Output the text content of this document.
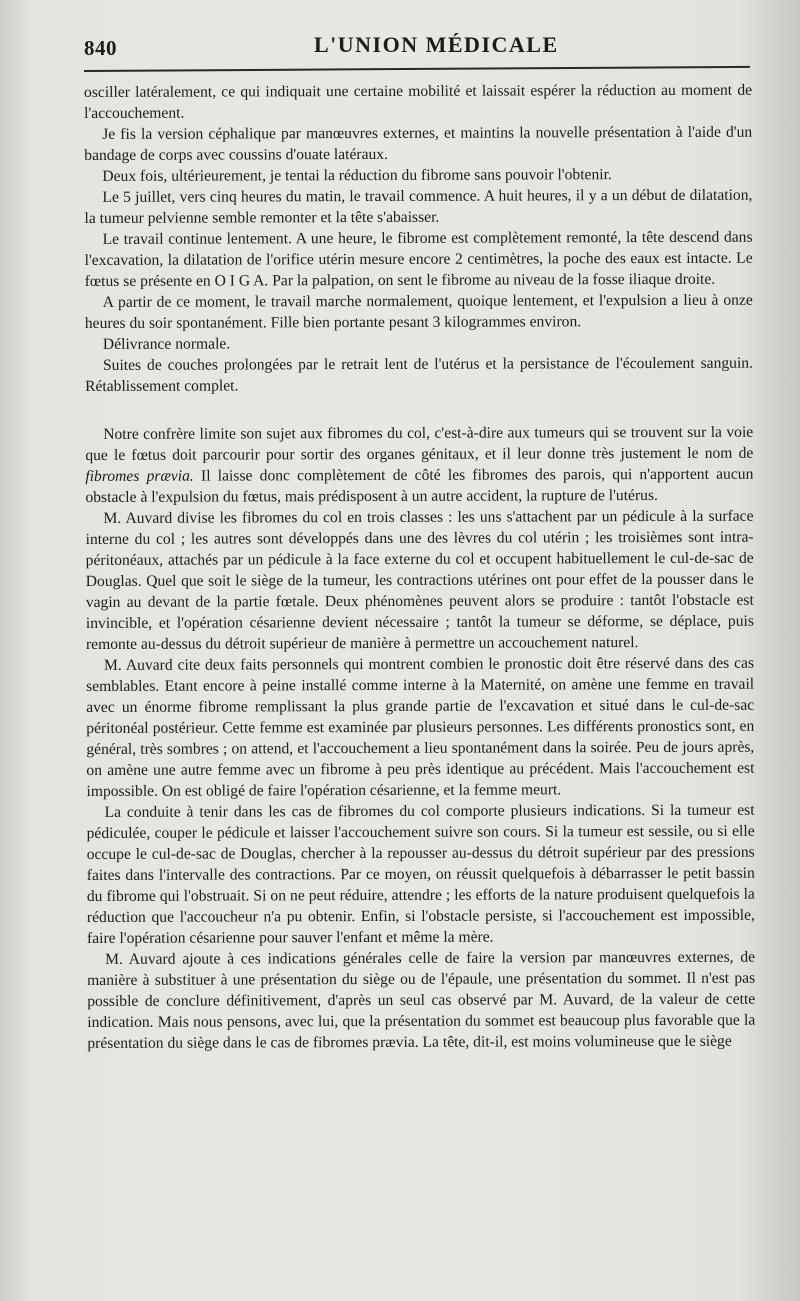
840	L'UNION MÉDICALE

osciller latéralement, ce qui indiquait une certaine mobilité et laissait espérer la réduction au moment de l'accouchement.

Je fis la version céphalique par manœuvres externes, et maintins la nouvelle présentation à l'aide d'un bandage de corps avec coussins d'ouate latéraux.

Deux fois, ultérieurement, je tentai la réduction du fibrome sans pouvoir l'obtenir.

Le 5 juillet, vers cinq heures du matin, le travail commence. A huit heures, il y a un début de dilatation, la tumeur pelvienne semble remonter et la tête s'abaisser.

Le travail continue lentement. A une heure, le fibrome est complètement remonté, la tête descend dans l'excavation, la dilatation de l'orifice utérin mesure encore 2 centimètres, la poche des eaux est intacte. Le fœtus se présente en O I G A. Par la palpation, on sent le fibrome au niveau de la fosse iliaque droite.

A partir de ce moment, le travail marche normalement, quoique lentement, et l'expulsion a lieu à onze heures du soir spontanément. Fille bien portante pesant 3 kilogrammes environ.

Délivrance normale.

Suites de couches prolongées par le retrait lent de l'utérus et la persistance de l'écoulement sanguin. Rétablissement complet.

Notre confrère limite son sujet aux fibromes du col, c'est-à-dire aux tumeurs qui se trouvent sur la voie que le fœtus doit parcourir pour sortir des organes génitaux, et il leur donne très justement le nom de fibromes prævia. Il laisse donc complètement de côté les fibromes des parois, qui n'apportent aucun obstacle à l'expulsion du fœtus, mais prédisposent à un autre accident, la rupture de l'utérus.

M. Auvard divise les fibromes du col en trois classes : les uns s'attachent par un pédicule à la surface interne du col ; les autres sont développés dans une des lèvres du col utérin ; les troisièmes sont intra-péritonéaux, attachés par un pédicule à la face externe du col et occupent habituellement le cul-de-sac de Douglas. Quel que soit le siège de la tumeur, les contractions utérines ont pour effet de la pousser dans le vagin au devant de la partie fœtale. Deux phénomènes peuvent alors se produire : tantôt l'obstacle est invincible, et l'opération césarienne devient nécessaire ; tantôt la tumeur se déforme, se déplace, puis remonte au-dessus du détroit supérieur de manière à permettre un accouchement naturel.

M. Auvard cite deux faits personnels qui montrent combien le pronostic doit être réservé dans des cas semblables. Etant encore à peine installé comme interne à la Maternité, on amène une femme en travail avec un énorme fibrome remplissant la plus grande partie de l'excavation et situé dans le cul-de-sac péritonéal postérieur. Cette femme est examinée par plusieurs personnes. Les différents pronostics sont, en général, très sombres ; on attend, et l'accouchement a lieu spontanément dans la soirée. Peu de jours après, on amène une autre femme avec un fibrome à peu près identique au précédent. Mais l'accouchement est impossible. On est obligé de faire l'opération césarienne, et la femme meurt.

La conduite à tenir dans les cas de fibromes du col comporte plusieurs indications. Si la tumeur est pédiculée, couper le pédicule et laisser l'accouchement suivre son cours. Si la tumeur est sessile, ou si elle occupe le cul-de-sac de Douglas, chercher à la repousser au-dessus du détroit supérieur par des pressions faites dans l'intervalle des contractions. Par ce moyen, on réussit quelquefois à débarrasser le petit bassin du fibrome qui l'obstruait. Si on ne peut réduire, attendre ; les efforts de la nature produisent quelquefois la réduction que l'accoucheur n'a pu obtenir. Enfin, si l'obstacle persiste, si l'accouchement est impossible, faire l'opération césarienne pour sauver l'enfant et même la mère.

M. Auvard ajoute à ces indications générales celle de faire la version par manœuvres externes, de manière à substituer à une présentation du siège ou de l'épaule, une présentation du sommet. Il n'est pas possible de conclure définitivement, d'après un seul cas observé par M. Auvard, de la valeur de cette indication. Mais nous pensons, avec lui, que la présentation du sommet est beaucoup plus favorable que la présentation du siège dans le cas de fibromes prævia. La tête, dit-il, est moins volumineuse que le siège
